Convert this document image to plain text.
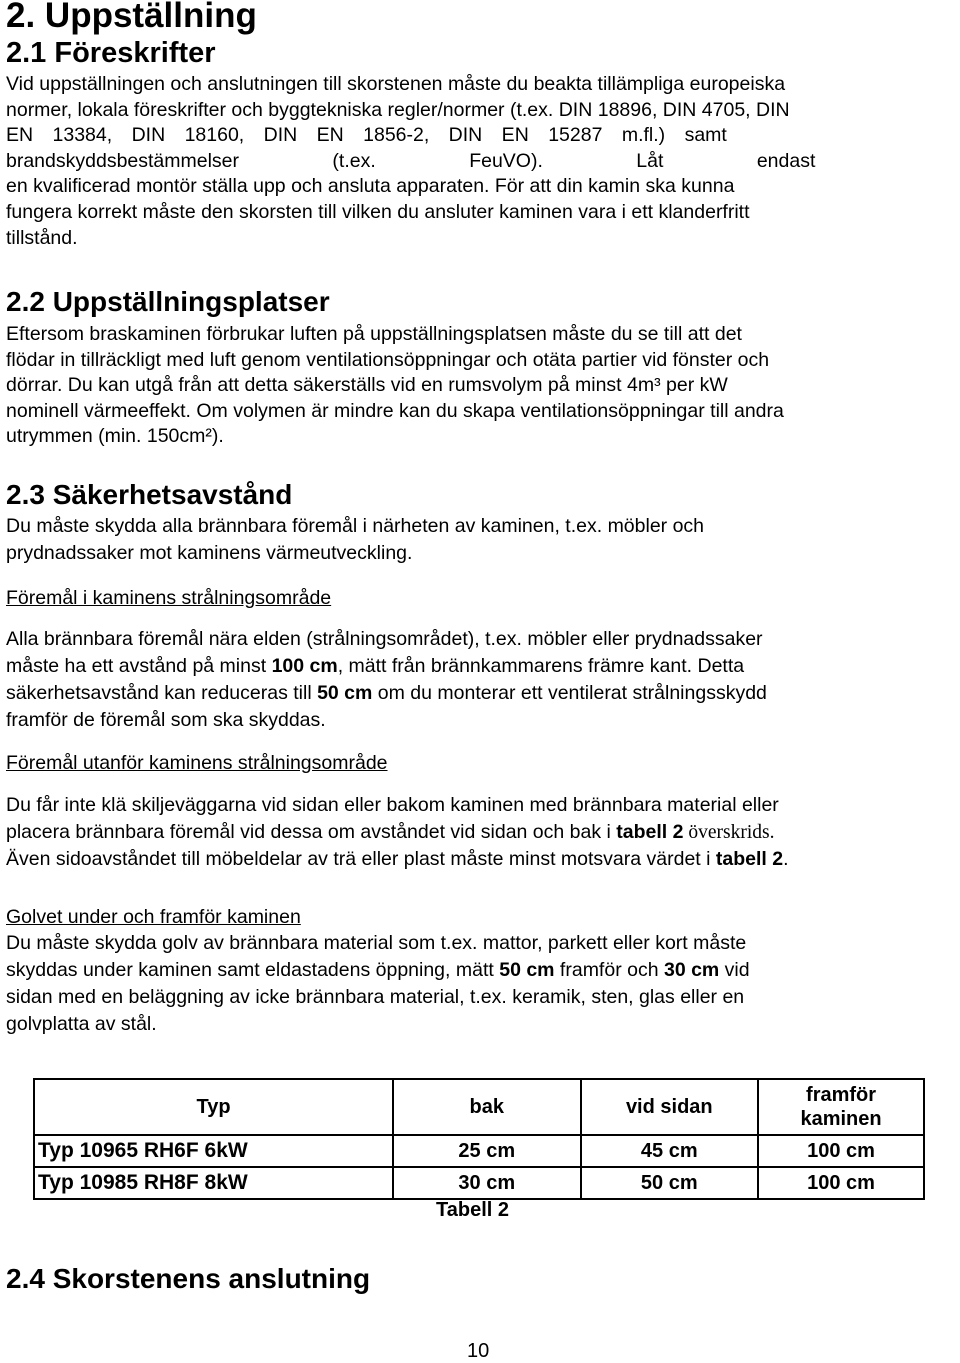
2. Uppställning
2.1 Föreskrifter
Vid uppställningen och anslutningen till skorstenen måste du beakta tillämpliga europeiska
normer, lokala föreskrifter och byggtekniska regler/normer (t.ex. DIN 18896, DIN 4705, DIN
EN 13384, DIN 18160, DIN EN 1856-2, DIN EN 15287 m.fl.) samt
brandskyddsbestämmelser (t.ex. FeuVO). Låt endast
en kvalificerad montör ställa upp och ansluta apparaten. För att din kamin ska kunna
fungera korrekt måste den skorsten till vilken du ansluter kaminen vara i ett klanderfritt
tillstånd.
2.2 Uppställningsplatser
Eftersom braskaminen förbrukar luften på uppställningsplatsen måste du se till att det
flödar in tillräckligt med luft genom ventilationsöppningar och otäta partier vid fönster och
dörrar. Du kan utgå från att detta säkerställs vid en rumsvolym på minst 4m³ per kW
nominell värmeeffekt. Om volymen är mindre kan du skapa ventilationsöppningar till andra
utrymmen (min. 150cm²).
2.3 Säkerhetsavstånd
Du måste skydda alla brännbara föremål i närheten av kaminen, t.ex. möbler och
prydnadssaker mot kaminens värmeutveckling.
Föremål i kaminens strålningsområde
Alla brännbara föremål nära elden (strålningsområdet), t.ex. möbler eller prydnadssaker
måste ha ett avstånd på minst 100 cm, mätt från brännkammarens främre kant. Detta
säkerhetsavstånd kan reduceras till 50 cm om du monterar ett ventilerat strålningsskydd
framför de föremål som ska skyddas.
Föremål utanför kaminens strålningsområde
Du får inte klä skiljeväggarna vid sidan eller bakom kaminen med brännbara material eller
placera brännbara föremål vid dessa om avståndet vid sidan och bak i tabell 2 överskrids.
Även sidoavståndet till möbeldelar av trä eller plast måste minst motsvara värdet i tabell 2.
Golvet under och framför kaminen
Du måste skydda golv av brännbara material som t.ex. mattor, parkett eller kort måste
skyddas under kaminen samt eldastadens öppning, mätt 50 cm framför och 30 cm vid
sidan med en beläggning av icke brännbara material, t.ex. keramik, sten, glas eller en
golvplatta av stål.
Typ	bak	vid sidan	framför kaminen
Typ 10965 RH6F 6kW	25 cm	45 cm	100 cm
Typ 10985 RH8F 8kW	30 cm	50 cm	100 cm
Tabell 2
2.4 Skorstenens anslutning
10
